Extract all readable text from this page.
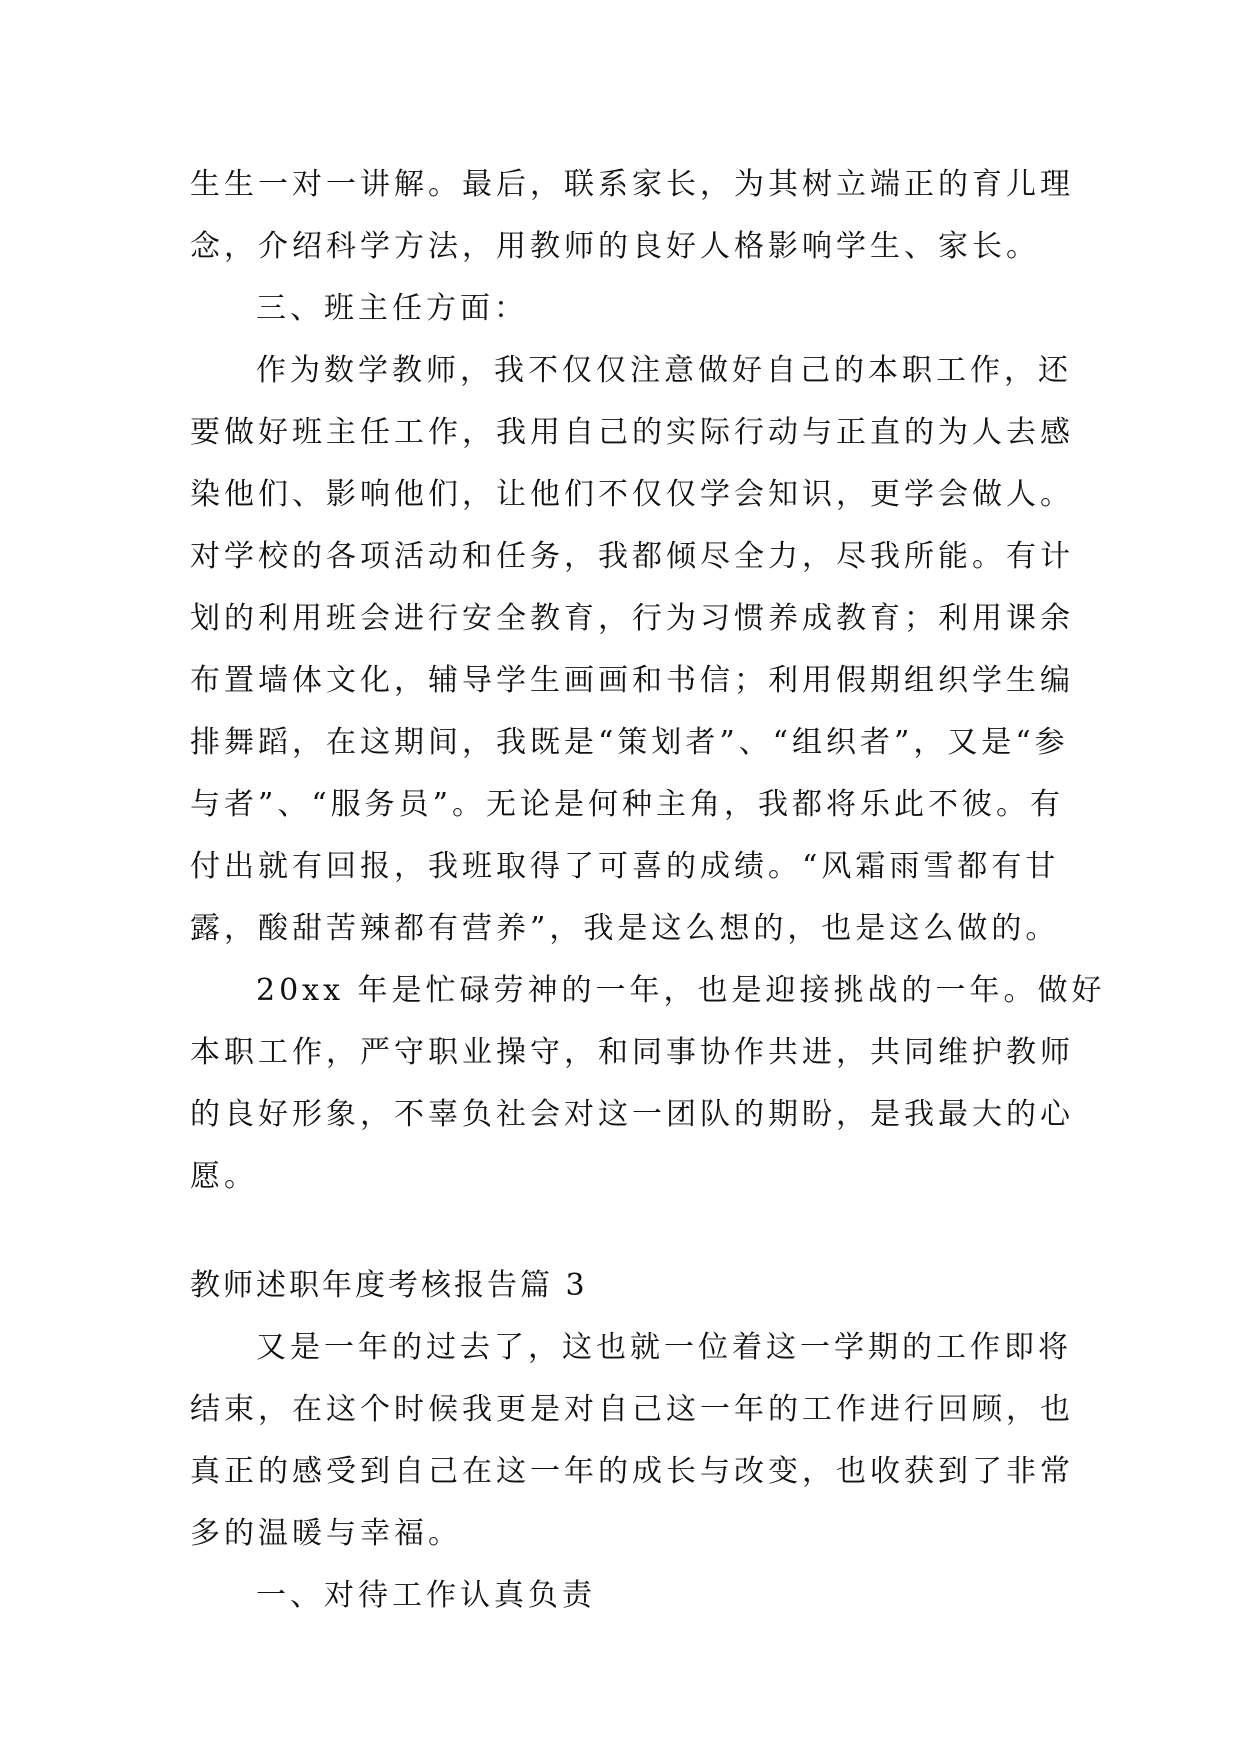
生生一对一讲解。最后，联系家长，为其树立端正的育儿理
念，介绍科学方法，用教师的良好人格影响学生、家长。
三、班主任方面：
作为数学教师，我不仅仅注意做好自己的本职工作，还
要做好班主任工作，我用自己的实际行动与正直的为人去感
染他们、影响他们，让他们不仅仅学会知识，更学会做人。
对学校的各项活动和任务，我都倾尽全力，尽我所能。有计
划的利用班会进行安全教育，行为习惯养成教育；利用课余
布置墙体文化，辅导学生画画和书信；利用假期组织学生编
排舞蹈，在这期间，我既是“策划者”、“组织者”，又是“参
与者”、“服务员”。无论是何种主角，我都将乐此不彼。有
付出就有回报，我班取得了可喜的成绩。“风霜雨雪都有甘
露，酸甜苦辣都有营养”，我是这么想的，也是这么做的。
20xx 年是忙碌劳神的一年，也是迎接挑战的一年。做好
本职工作，严守职业操守，和同事协作共进，共同维护教师
的良好形象，不辜负社会对这一团队的期盼，是我最大的心
愿。
教师述职年度考核报告篇 3
又是一年的过去了，这也就一位着这一学期的工作即将
结束，在这个时候我更是对自己这一年的工作进行回顾，也
真正的感受到自己在这一年的成长与改变，也收获到了非常
多的温暖与幸福。
一、对待工作认真负责
